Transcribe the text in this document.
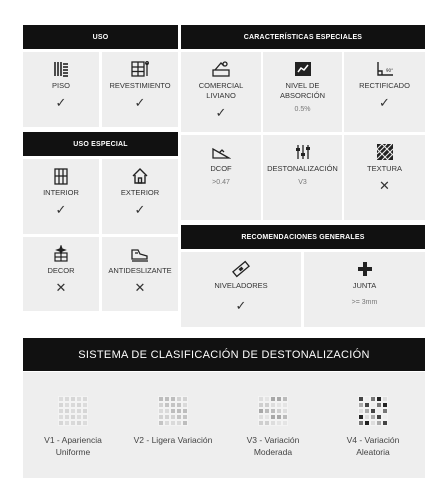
USO
PISO
✓
REVESTIMIENTO
✓
USO ESPECIAL
INTERIOR
✓
EXTERIOR
✓
DECOR
✕
ANTIDESLIZANTE
✕
CARACTERÍSTICAS ESPECIALES
COMERCIAL
LIVIANO
✓
NIVEL DE
ABSORCIÓN
0.5%
90°
RECTIFICADO
✓
DCOF
>0.47
DESTONALIZACIÓN
V3
TEXTURA
✕
RECOMENDACIONES GENERALES
NIVELADORES
✓
JUNTA
>= 3mm
SISTEMA DE CLASIFICACIÓN DE DESTONALIZACIÓN
V1 - Apariencia
Uniforme
V2 - Ligera Variación	V3 - Variación
Moderada
V4 - Variación
Aleatoria
